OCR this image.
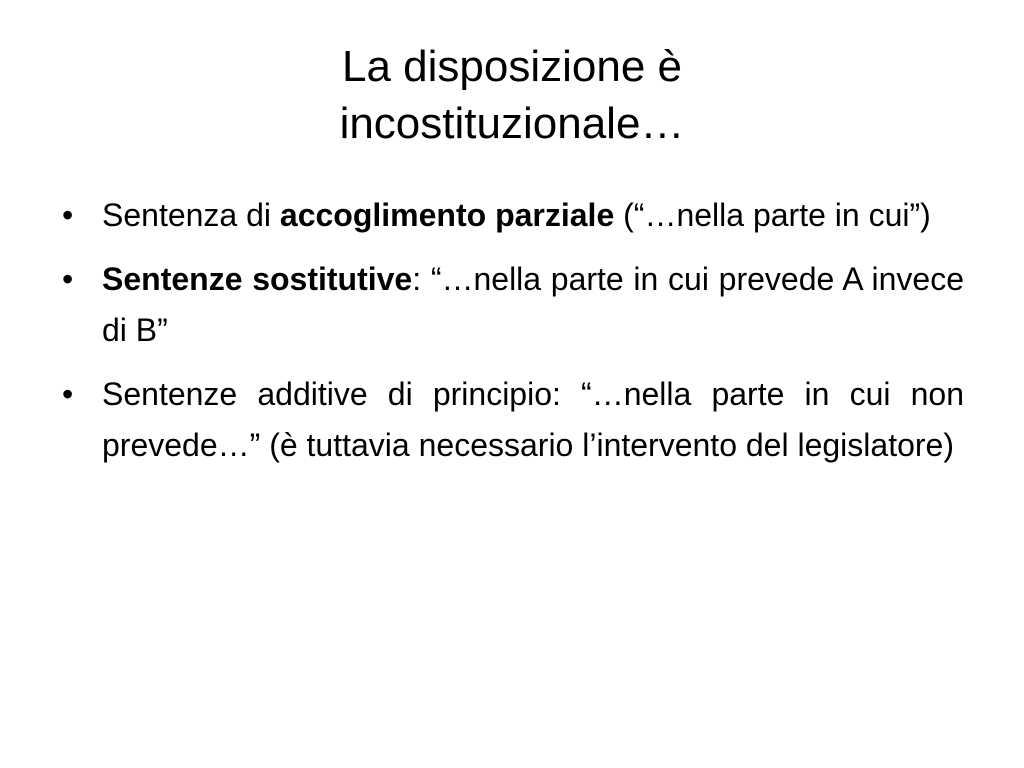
La disposizione è
incostituzionale…
• Sentenza di accoglimento parziale (“…nella parte in cui”)
• Sentenze sostitutive: “…nella parte in cui prevede A invece di B”
• Sentenze additive di principio: “…nella parte in cui non prevede…” (è tuttavia necessario l’intervento del legislatore)
